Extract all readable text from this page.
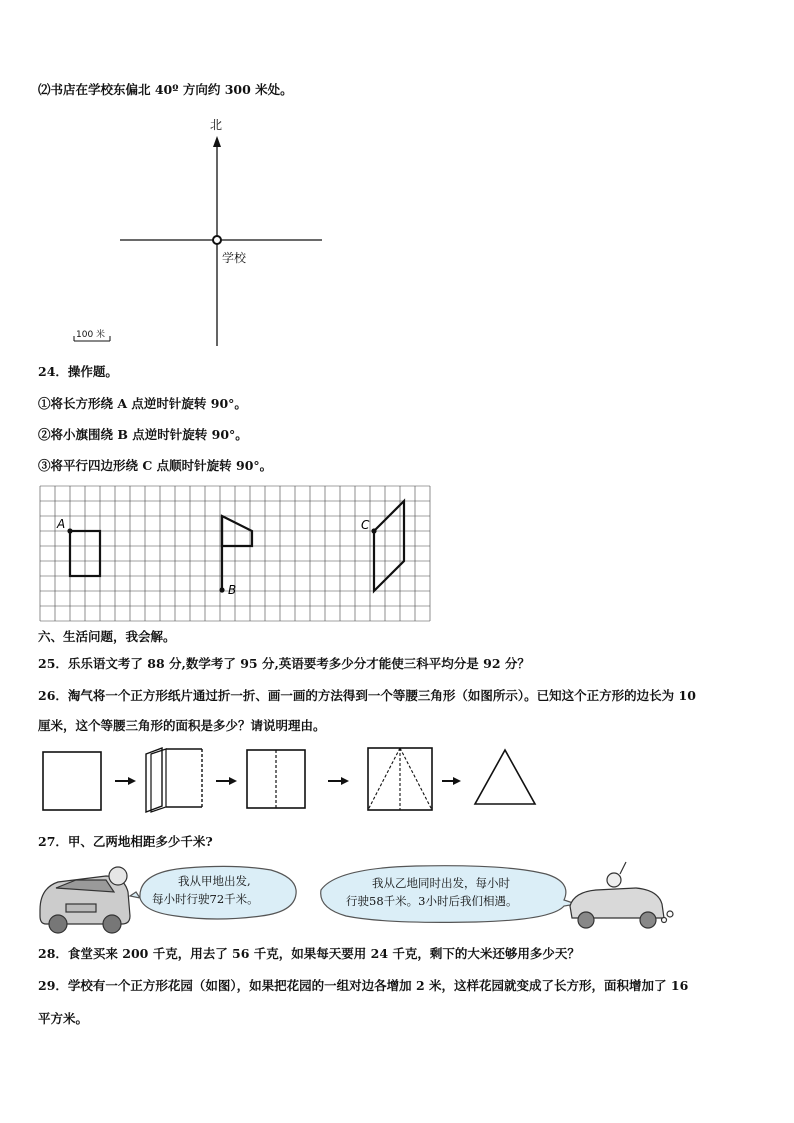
⑵书店在学校东偏北 40º 方向约 300 米处。
北
学校
100 米
24．操作题。
①将长方形绕 A 点逆时针旋转 90°。
②将小旗围绕 B 点逆时针旋转 90°。
③将平行四边形绕 C 点顺时针旋转 90°。
A
B
C
六、生活问题，我会解。
25．乐乐语文考了 88 分,数学考了 95 分,英语要考多少分才能使三科平均分是 92 分？
26．淘气将一个正方形纸片通过折一折、画一画的方法得到一个等腰三角形（如图所示）。已知这个正方形的边长为 10
厘米，这个等腰三角形的面积是多少？请说明理由。
27．甲、乙两地相距多少千米?
我从甲地出发,
每小时行驶72千米。
我从乙地同时出发，每小时
行驶58千米。3小时后我们相遇。
28．食堂买来 200 千克，用去了 56 千克，如果每天要用 24 千克，剩下的大米还够用多少天？
29．学校有一个正方形花园（如图），如果把花园的一组对边各增加 2 米，这样花园就变成了长方形，面积增加了 16
平方米。
